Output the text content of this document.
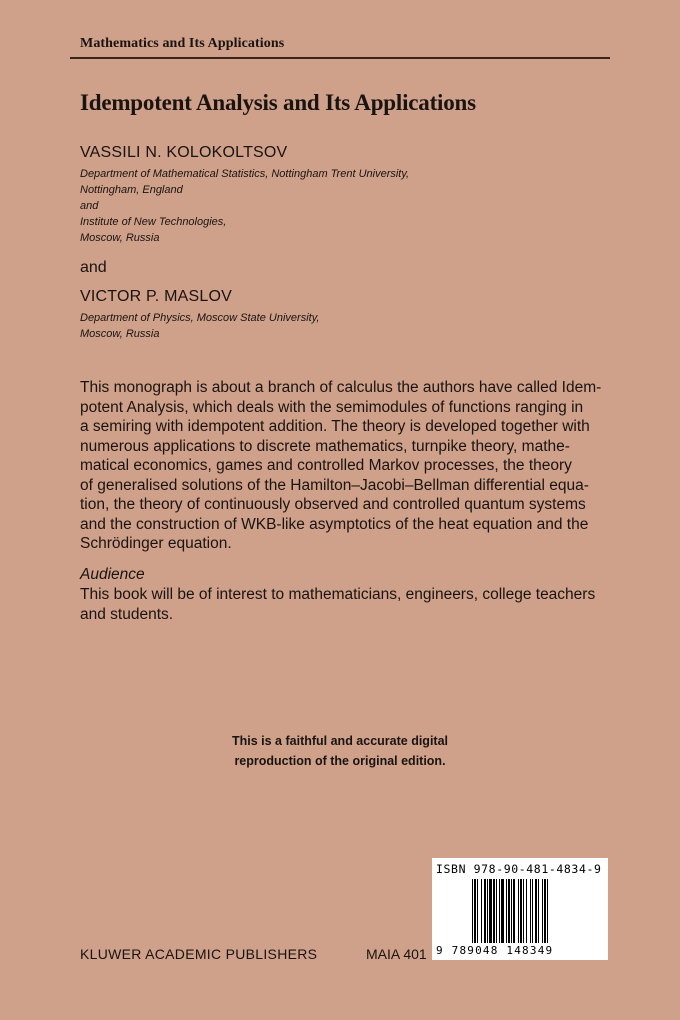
Mathematics and Its Applications
Idempotent Analysis and Its Applications
VASSILI N. KOLOKOLTSOV
Department of Mathematical Statistics, Nottingham Trent University,
Nottingham, England
and
Institute of New Technologies,
Moscow, Russia
and
VICTOR P. MASLOV
Department of Physics, Moscow State University,
Moscow, Russia
This monograph is about a branch of calculus the authors have called Idem-
potent Analysis, which deals with the semimodules of functions ranging in
a semiring with idempotent addition. The theory is developed together with
numerous applications to discrete mathematics, turnpike theory, mathe-
matical economics, games and controlled Markov processes, the theory
of generalised solutions of the Hamilton–Jacobi–Bellman differential equa-
tion, the theory of continuously observed and controlled quantum systems
and the construction of WKB-like asymptotics of the heat equation and the
Schrödinger equation.
Audience
This book will be of interest to mathematicians, engineers, college teachers
and students.
This is a faithful and accurate digital
reproduction of the original edition.
ISBN 978-90-481-4834-9
9 789048 148349
KLUWER ACADEMIC PUBLISHERS	MAIA 401
